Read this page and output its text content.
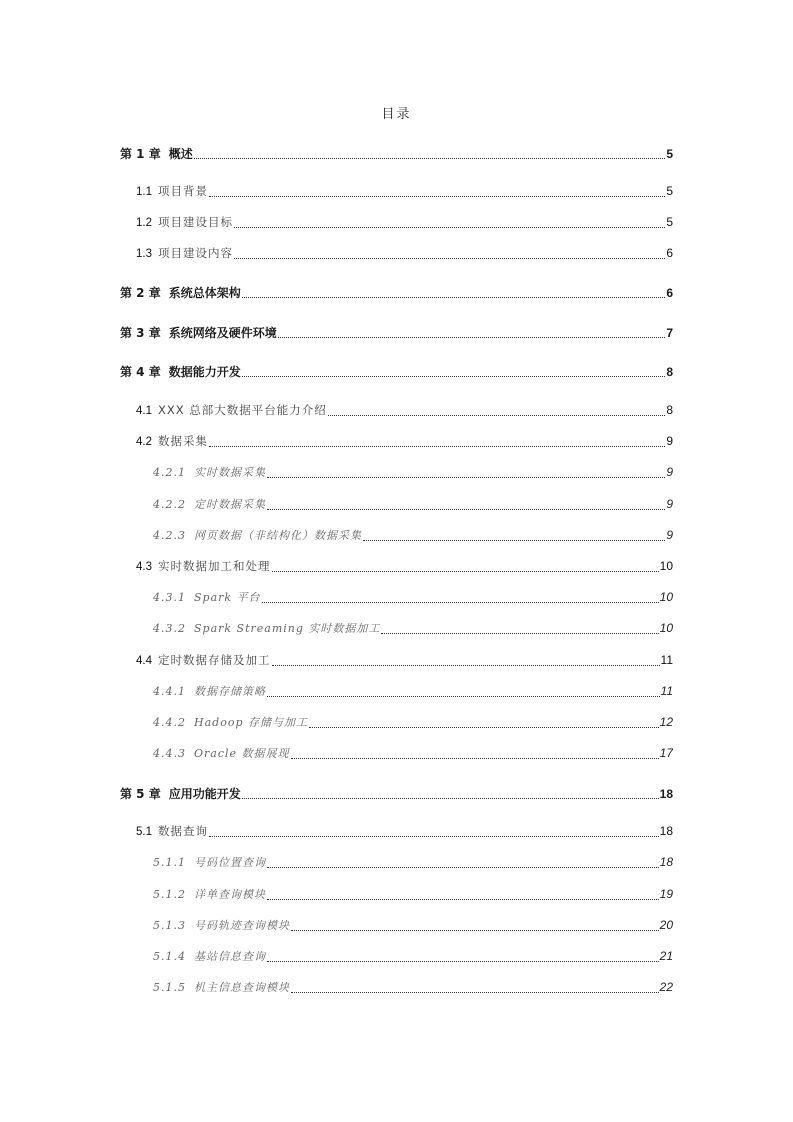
目录
第 1 章 概述	5
1.1 项目背景	5
1.2 项目建设目标	5
1.3 项目建设内容	6
第 2 章 系统总体架构	6
第 3 章 系统网络及硬件环境	7
第 4 章 数据能力开发	8
4.1 XXX 总部大数据平台能力介绍	8
4.2 数据采集	9
4.2.1 实时数据采集	9
4.2.2 定时数据采集	9
4.2.3 网页数据（非结构化）数据采集	9
4.3 实时数据加工和处理	10
4.3.1 Spark 平台	10
4.3.2 Spark Streaming 实时数据加工	10
4.4 定时数据存储及加工	11
4.4.1 数据存储策略	11
4.4.2 Hadoop 存储与加工	12
4.4.3 Oracle 数据展现	17
第 5 章 应用功能开发	18
5.1 数据查询	18
5.1.1 号码位置查询	18
5.1.2 详单查询模块	19
5.1.3 号码轨迹查询模块	20
5.1.4 基站信息查询	21
5.1.5 机主信息查询模块	22
